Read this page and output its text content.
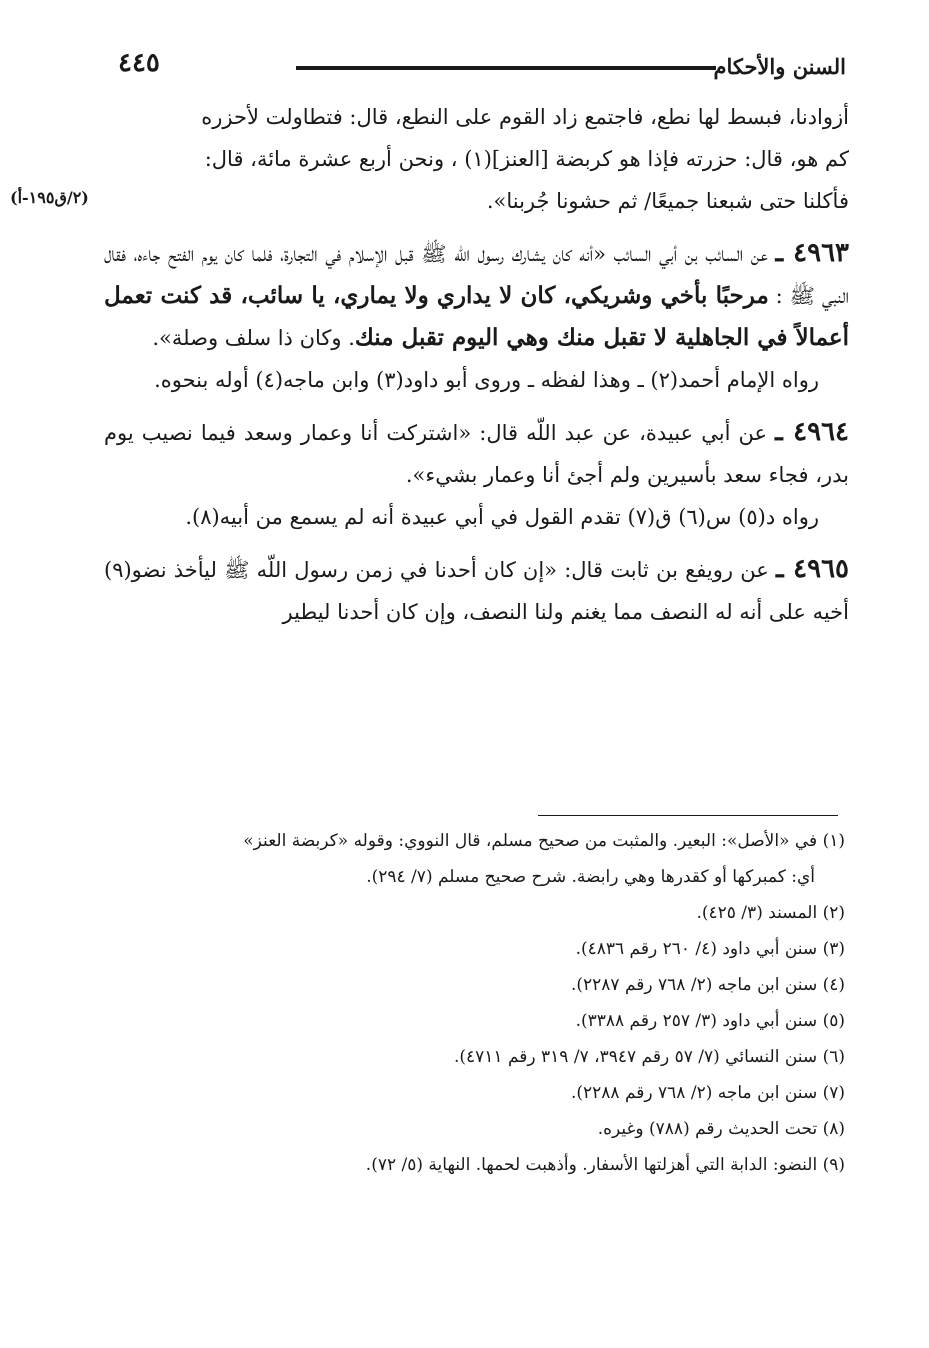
٤٤٥	السنن والأحكام
(٢/ق١٩٥-أ)

أزوادنا، فبسط لها نطع، فاجتمع زاد القوم على النطع، قال: فتطاولت لأحزره

كم هو، قال: حزرته فإذا هو كربضة [العنز](١) ، ونحن أربع عشرة مائة، قال:

فأكلنا حتى شبعنا جميعًا/ ثم حشونا جُربنا».

٤٩٦٣ ـ عن السائب بن أبي السائب «أنه كان يشارك رسول اللّه ﷺ قبل الإسلام في التجارة، فلما كان يوم الفتح جاءه، فقال النبي ﷺ : مرحبًا بأخي وشريكي، كان لا يداري ولا يماري، يا سائب، قد كنت تعمل أعمالاً في الجاهلية لا تقبل منك وهي اليوم تقبل منك. وكان ذا سلف وصلة».

رواه الإمام أحمد(٢) ـ وهذا لفظه ـ وروى أبو داود(٣) وابن ماجه(٤) أوله بنحوه.

٤٩٦٤ ـ عن أبي عبيدة، عن عبد اللّه قال: «اشتركت أنا وعمار وسعد فيما نصيب يوم بدر، فجاء سعد بأسيرين ولم أجئ أنا وعمار بشيء».

رواه د(٥) س(٦) ق(٧) تقدم القول في أبي عبيدة أنه لم يسمع من أبيه(٨).

٤٩٦٥ ـ عن رويفع بن ثابت قال: «إن كان أحدنا في زمن رسول اللّه ﷺ ليأخذ نضو(٩) أخيه على أنه له النصف مما يغنم ولنا النصف، وإن كان أحدنا ليطير

(١) في «الأصل»: البعير. والمثبت من صحيح مسلم، قال النووي: وقوله «كربضة العنز»

أي: كمبركها أو كقدرها وهي رابضة. شرح صحيح مسلم (٧/ ٢٩٤).

(٢) المسند (٣/ ٤٢٥).

(٣) سنن أبي داود (٤/ ٢٦٠ رقم ٤٨٣٦).

(٤) سنن ابن ماجه (٢/ ٧٦٨ رقم ٢٢٨٧).

(٥) سنن أبي داود (٣/ ٢٥٧ رقم ٣٣٨٨).

(٦) سنن النسائي (٧/ ٥٧ رقم ٣٩٤٧، ٧/ ٣١٩ رقم ٤٧١١).

(٧) سنن ابن ماجه (٢/ ٧٦٨ رقم ٢٢٨٨).

(٨) تحت الحديث رقم (٧٨٨) وغيره.

(٩) النضو: الدابة التي أهزلتها الأسفار. وأذهبت لحمها. النهاية (٥/ ٧٢).
